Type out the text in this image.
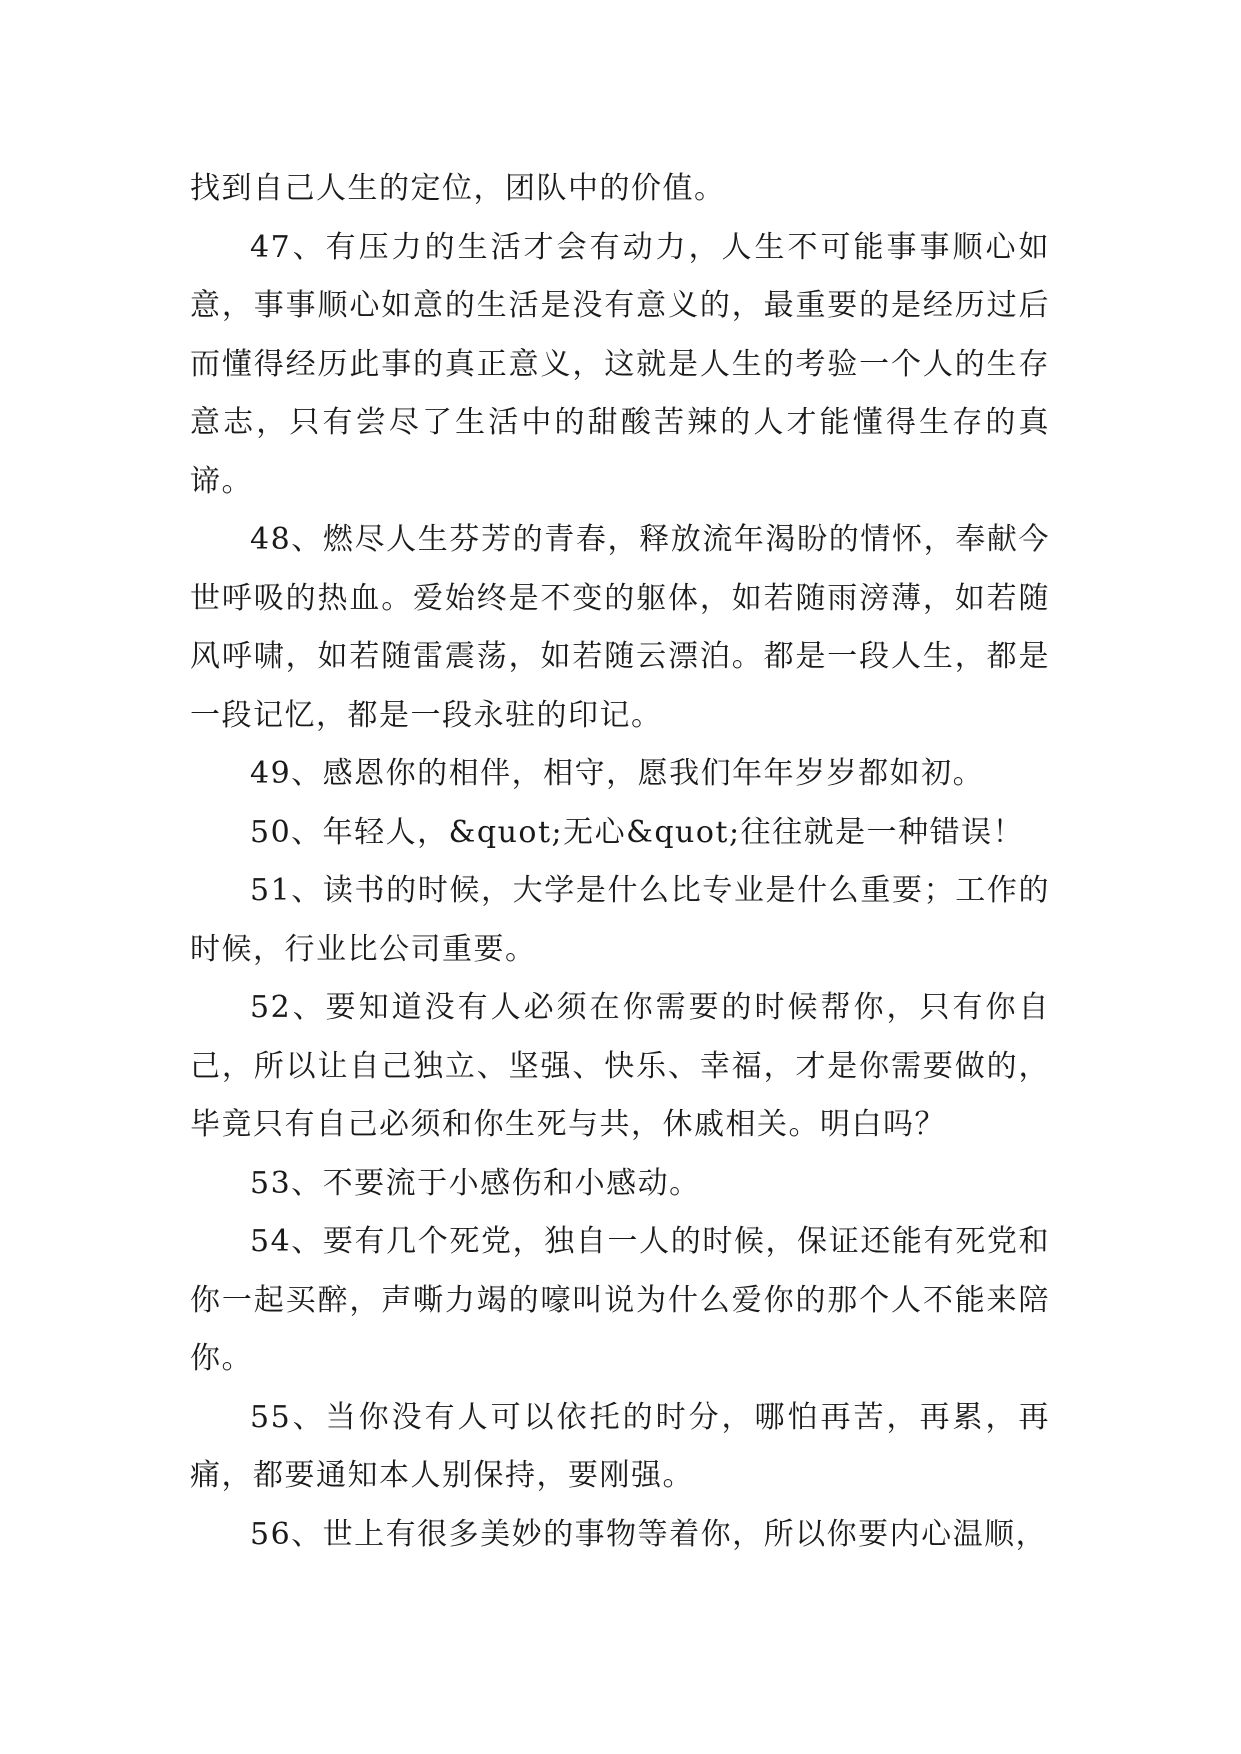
找到自己人生的定位，团队中的价值。

47、有压力的生活才会有动力，人生不可能事事顺心如意，事事顺心如意的生活是没有意义的，最重要的是经历过后而懂得经历此事的真正意义，这就是人生的考验一个人的生存意志，只有尝尽了生活中的甜酸苦辣的人才能懂得生存的真谛。

48、燃尽人生芬芳的青春，释放流年渴盼的情怀，奉献今世呼吸的热血。爱始终是不变的躯体，如若随雨滂薄，如若随风呼啸，如若随雷震荡，如若随云漂泊。都是一段人生，都是一段记忆，都是一段永驻的印记。

49、感恩你的相伴，相守，愿我们年年岁岁都如初。

50、年轻人，&quot;无心&quot;往往就是一种错误！

51、读书的时候，大学是什么比专业是什么重要；工作的时候，行业比公司重要。

52、要知道没有人必须在你需要的时候帮你，只有你自己，所以让自己独立、坚强、快乐、幸福，才是你需要做的，毕竟只有自己必须和你生死与共，休戚相关。明白吗？

53、不要流于小感伤和小感动。

54、要有几个死党，独自一人的时候，保证还能有死党和你一起买醉，声嘶力竭的嚎叫说为什么爱你的那个人不能来陪你。

55、当你没有人可以依托的时分，哪怕再苦，再累，再痛，都要通知本人别保持，要刚强。

56、世上有很多美妙的事物等着你，所以你要内心温顺，
